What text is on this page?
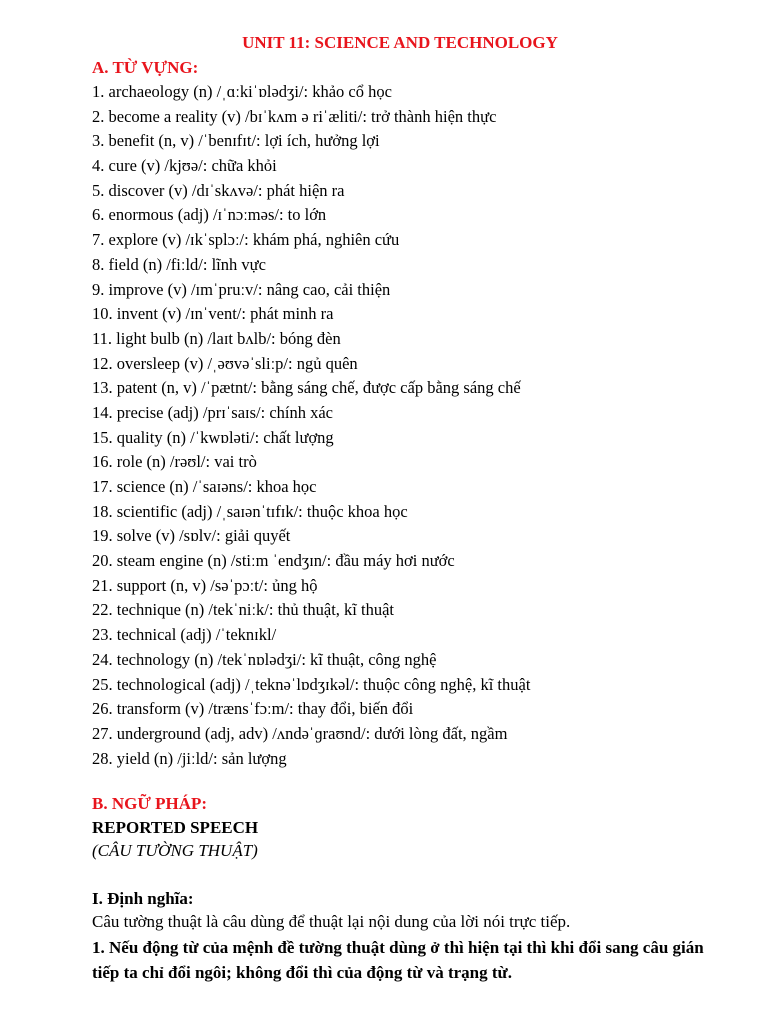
UNIT 11: SCIENCE AND TECHNOLOGY
A. TỪ VỰNG:
1. archaeology (n) /ˌɑːkiˈɒlədʒi/: khảo cổ học
2. become a reality (v) /bɪˈkʌm ə riˈæliti/: trở thành hiện thực
3. benefit (n, v) /ˈbenɪfɪt/: lợi ích, hưởng lợi
4. cure (v) /kjʊə/: chữa khỏi
5. discover (v) /dɪˈskʌvə/: phát hiện ra
6. enormous (adj) /ɪˈnɔːməs/: to lớn
7. explore (v) /ɪkˈsplɔː/: khám phá, nghiên cứu
8. field (n) /fiːld/: lĩnh vực
9. improve (v) /ɪmˈpruːv/: nâng cao, cải thiện
10. invent (v) /ɪnˈvent/: phát minh ra
11. light bulb (n) /laɪt bʌlb/: bóng đèn
12. oversleep (v) /ˌəʊvəˈsliːp/: ngủ quên
13. patent (n, v) /ˈpætnt/: bằng sáng chế, được cấp bằng sáng chế
14. precise (adj) /prɪˈsaɪs/: chính xác
15. quality (n) /ˈkwɒləti/: chất lượng
16. role (n) /rəʊl/: vai trò
17. science (n) /ˈsaɪəns/: khoa học
18. scientific (adj) /ˌsaɪənˈtɪfɪk/: thuộc khoa học
19. solve (v) /sɒlv/: giải quyết
20. steam engine (n) /stiːm ˈendʒɪn/: đầu máy hơi nước
21. support (n, v) /səˈpɔːt/: ủng hộ
22. technique (n) /tekˈniːk/: thủ thuật, kĩ thuật
23. technical (adj) /ˈteknɪkl/
24. technology (n) /tekˈnɒlədʒi/: kĩ thuật, công nghệ
25. technological (adj) /ˌteknəˈlɒdʒɪkəl/: thuộc công nghệ, kĩ thuật
26. transform (v) /trænsˈfɔːm/: thay đổi, biến đổi
27. underground (adj, adv) /ʌndəˈɡraʊnd/: dưới lòng đất, ngầm
28. yield (n) /jiːld/: sản lượng
B. NGỮ PHÁP:
REPORTED SPEECH
(CÂU TƯỜNG THUẬT)
I. Định nghĩa:
Câu tường thuật là câu dùng để thuật lại nội dung của lời nói trực tiếp.
1. Nếu động từ của mệnh đề tường thuật dùng ở thì hiện tại thì khi đổi sang câu gián tiếp ta chỉ đổi ngôi; không đổi thì của động từ và trạng từ.
